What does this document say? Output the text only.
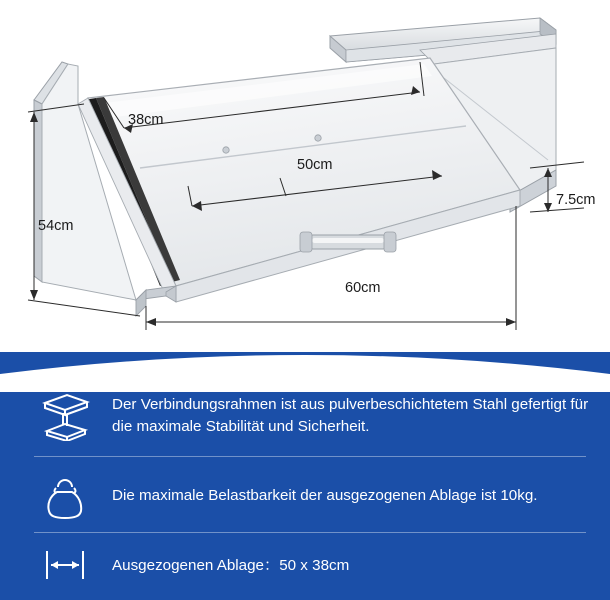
38cm
50cm
54cm
60cm
7.5cm
Der Verbindungsrahmen ist aus pulverbeschichtetem Stahl gefertigt für die maximale Stabilität und Sicherheit.
Die maximale Belastbarkeit der ausgezogenen Ablage ist 10kg.
Ausgezogenen Ablage：50 x 38cm
